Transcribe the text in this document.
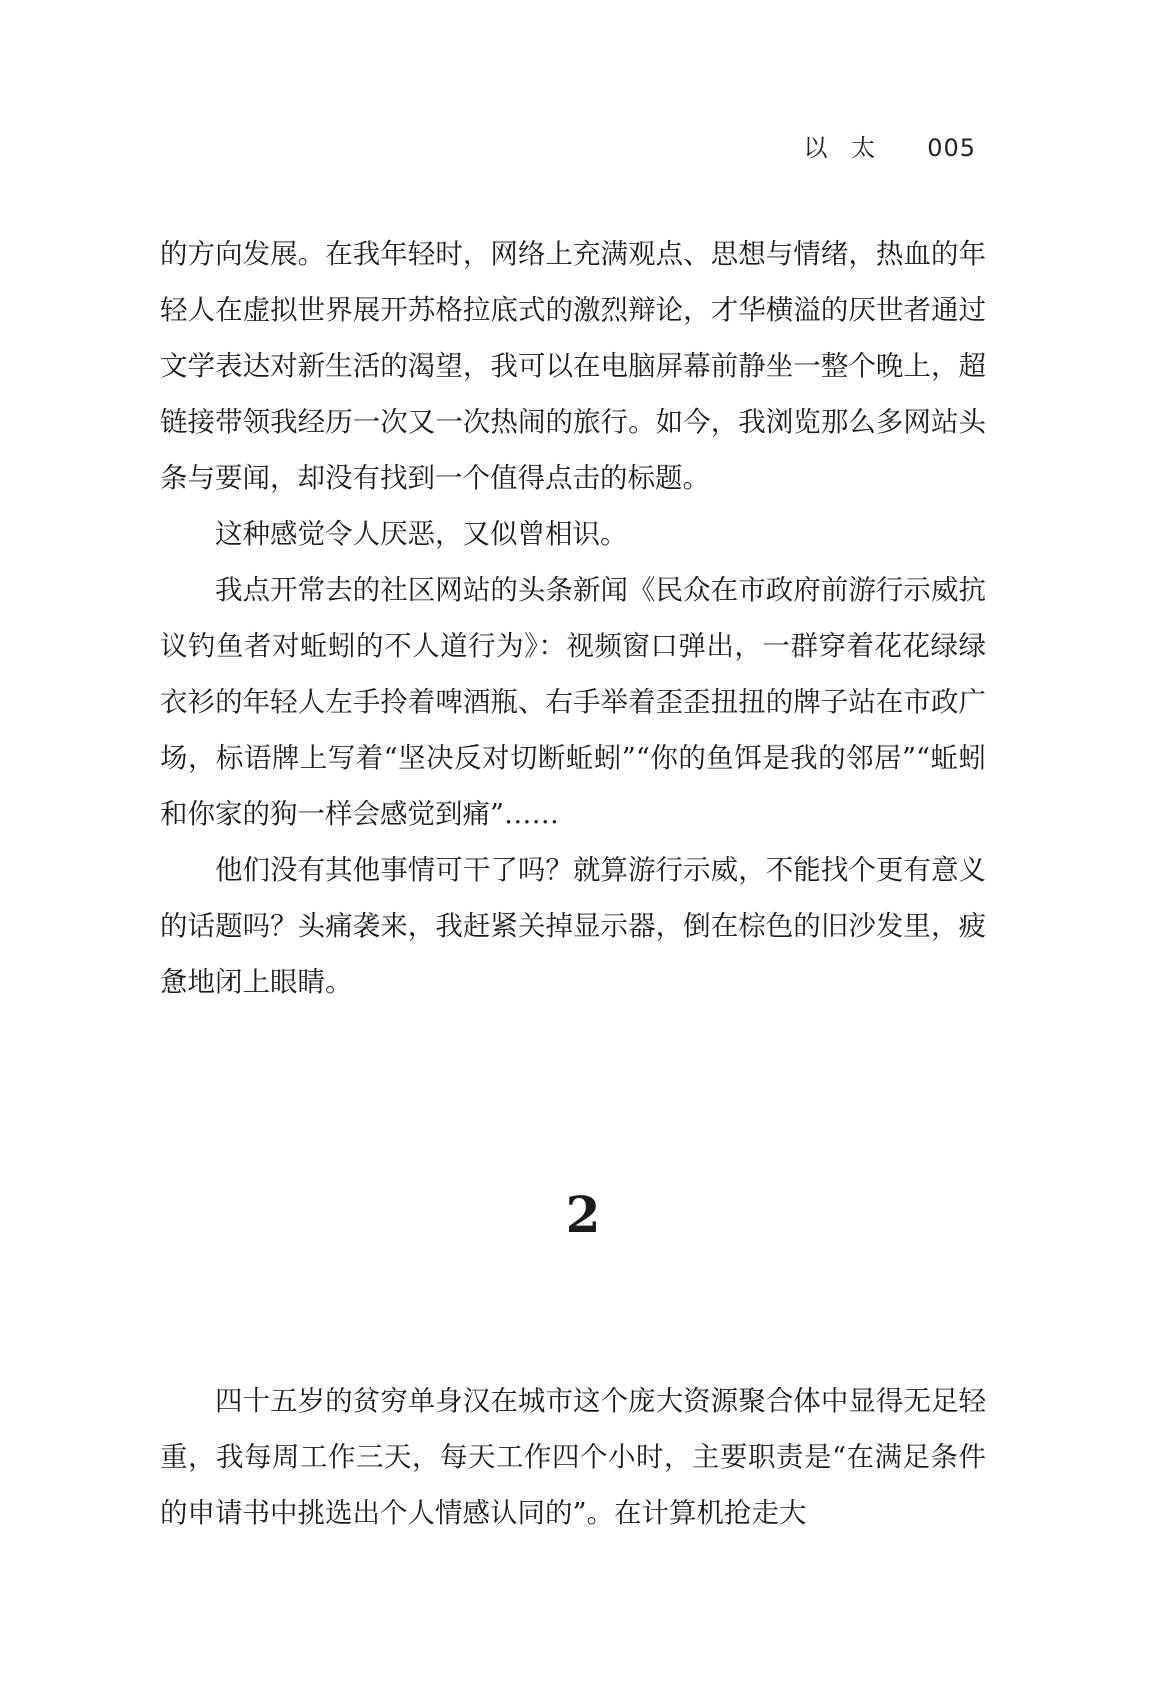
以 太 005

的方向发展。在我年轻时，网络上充满观点、思想与情绪，热血的年轻人在虚拟世界展开苏格拉底式的激烈辩论，才华横溢的厌世者通过文学表达对新生活的渴望，我可以在电脑屏幕前静坐一整个晚上，超链接带领我经历一次又一次热闹的旅行。如今，我浏览那么多网站头条与要闻，却没有找到一个值得点击的标题。

这种感觉令人厌恶，又似曾相识。

我点开常去的社区网站的头条新闻《民众在市政府前游行示威抗议钓鱼者对蚯蚓的不人道行为》：视频窗口弹出，一群穿着花花绿绿衣衫的年轻人左手拎着啤酒瓶、右手举着歪歪扭扭的牌子站在市政广场，标语牌上写着“坚决反对切断蚯蚓”“你的鱼饵是我的邻居”“蚯蚓和你家的狗一样会感觉到痛”……

他们没有其他事情可干了吗？就算游行示威，不能找个更有意义的话题吗？头痛袭来，我赶紧关掉显示器，倒在棕色的旧沙发里，疲惫地闭上眼睛。

2

四十五岁的贫穷单身汉在城市这个庞大资源聚合体中显得无足轻重，我每周工作三天，每天工作四个小时，主要职责是“在满足条件的申请书中挑选出个人情感认同的”。在计算机抢走大
